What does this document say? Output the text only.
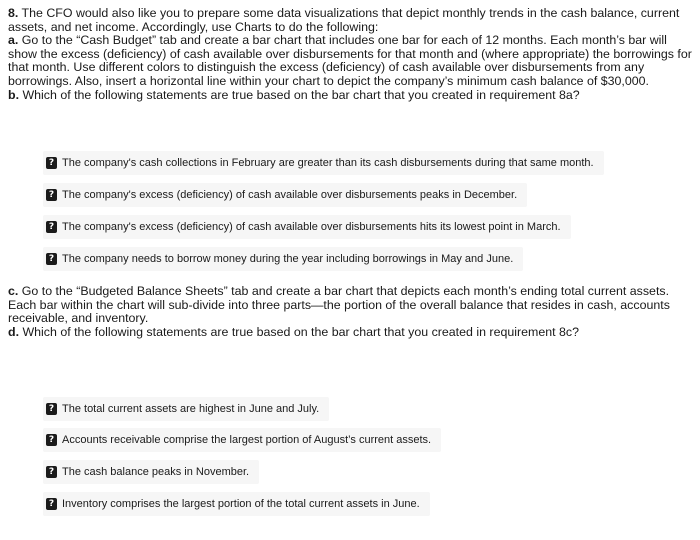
8. The CFO would also like you to prepare some data visualizations that depict monthly trends in the cash balance, current assets, and net income. Accordingly, use Charts to do the following:
a. Go to the “Cash Budget” tab and create a bar chart that includes one bar for each of 12 months. Each month’s bar will show the excess (deficiency) of cash available over disbursements for that month and (where appropriate) the borrowings for that month. Use different colors to distinguish the excess (deficiency) of cash available over disbursements from any borrowings. Also, insert a horizontal line within your chart to depict the company’s minimum cash balance of $30,000.
b. Which of the following statements are true based on the bar chart that you created in requirement 8a?
? The company's cash collections in February are greater than its cash disbursements during that same month.
? The company's excess (deficiency) of cash available over disbursements peaks in December.
? The company's excess (deficiency) of cash available over disbursements hits its lowest point in March.
? The company needs to borrow money during the year including borrowings in May and June.
c. Go to the “Budgeted Balance Sheets” tab and create a bar chart that depicts each month’s ending total current assets. Each bar within the chart will sub-divide into three parts—the portion of the overall balance that resides in cash, accounts receivable, and inventory.
d. Which of the following statements are true based on the bar chart that you created in requirement 8c?
? The total current assets are highest in June and July.
? Accounts receivable comprise the largest portion of August’s current assets.
? The cash balance peaks in November.
? Inventory comprises the largest portion of the total current assets in June.
